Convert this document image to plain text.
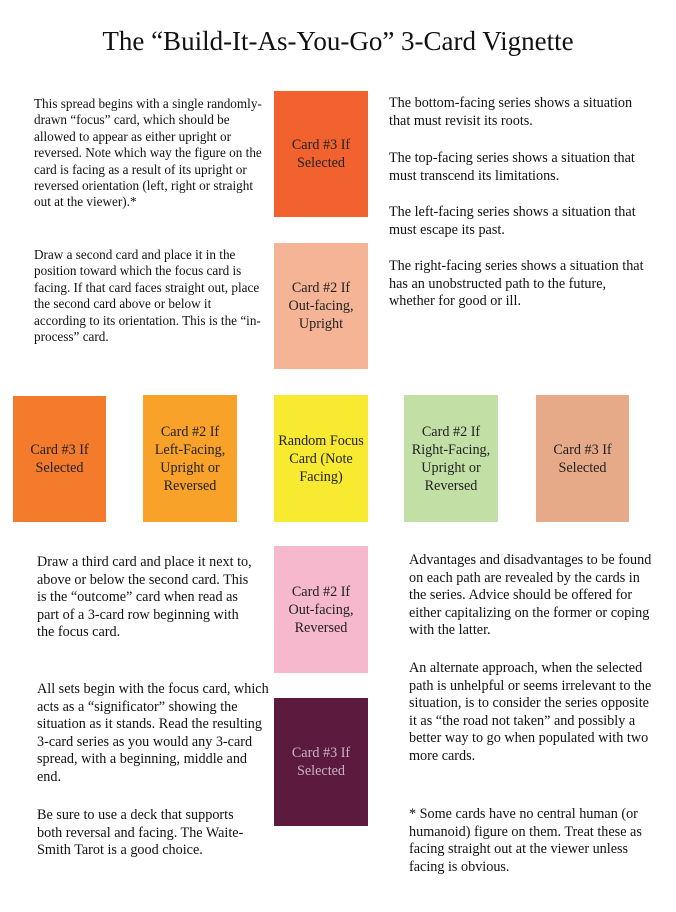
The “Build-It-As-You-Go” 3-Card Vignette

This spread begins with a single randomly-drawn “focus” card, which should be allowed to appear as either upright or reversed. Note which way the figure on the card is facing as a result of its upright or reversed orientation (left, right or straight out at the viewer).*

Draw a second card and place it in the position toward which the focus card is facing. If that card faces straight out, place the second card above or below it according to its orientation. This is the “in-process” card.

The bottom-facing series shows a situation that must revisit its roots.

The top-facing series shows a situation that must transcend its limitations.

The left-facing series shows a situation that must escape its past.

The right-facing series shows a situation that has an unobstructed path to the future, whether for good or ill.

Card #3 If Selected
Card #2 If Out-facing, Upright
Card #3 If Selected
Card #2 If Left-Facing, Upright or Reversed
Random Focus Card (Note Facing)
Card #2 If Right-Facing, Upright or Reversed
Card #3 If Selected
Card #2 If Out-facing, Reversed
Card #3 If Selected

Draw a third card and place it next to, above or below the second card. This is the “outcome” card when read as part of a 3-card row beginning with the focus card.

All sets begin with the focus card, which acts as a “significator” showing the situation as it stands. Read the resulting 3-card series as you would any 3-card spread, with a beginning, middle and end.

Be sure to use a deck that supports both reversal and facing. The Waite-Smith Tarot is a good choice.

Advantages and disadvantages to be found on each path are revealed by the cards in the series. Advice should be offered for either capitalizing on the former or coping with the latter.

An alternate approach, when the selected path is unhelpful or seems irrelevant to the situation, is to consider the series opposite it as “the road not taken” and possibly a better way to go when populated with two more cards.

* Some cards have no central human (or humanoid) figure on them. Treat these as facing straight out at the viewer unless facing is obvious.
